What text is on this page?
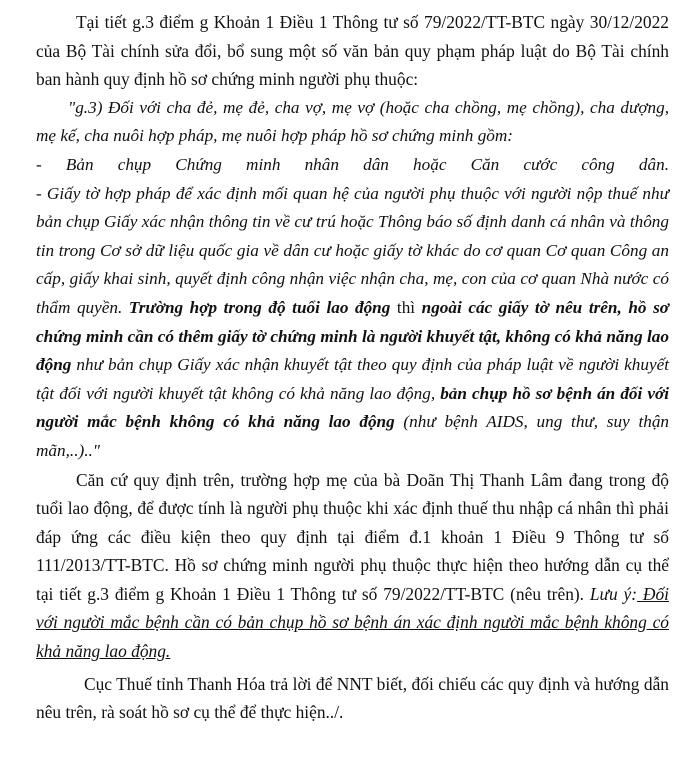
Tại tiết g.3 điểm g Khoản 1 Điều 1 Thông tư số 79/2022/TT-BTC ngày 30/12/2022 của Bộ Tài chính sửa đổi, bổ sung một số văn bản quy phạm pháp luật do Bộ Tài chính ban hành quy định hồ sơ chứng minh người phụ thuộc:

"g.3) Đối với cha đẻ, mẹ đẻ, cha vợ, mẹ vợ (hoặc cha chồng, mẹ chồng), cha dượng, mẹ kế, cha nuôi hợp pháp, mẹ nuôi hợp pháp hồ sơ chứng minh gồm:

- Bản chụp Chứng minh nhân dân hoặc Căn cước công dân.

- Giấy tờ hợp pháp để xác định mối quan hệ của người phụ thuộc với người nộp thuế như bản chụp Giấy xác nhận thông tin về cư trú hoặc Thông báo số định danh cá nhân và thông tin trong Cơ sở dữ liệu quốc gia về dân cư hoặc giấy tờ khác do cơ quan Cơ quan Công an cấp, giấy khai sinh, quyết định công nhận việc nhận cha, mẹ, con của cơ quan Nhà nước có thẩm quyền. Trường hợp trong độ tuổi lao động thì ngoài các giấy tờ nêu trên, hồ sơ chứng minh cần có thêm giấy tờ chứng minh là người khuyết tật, không có khả năng lao động như bản chụp Giấy xác nhận khuyết tật theo quy định của pháp luật về người khuyết tật đối với người khuyết tật không có khả năng lao động, bản chụp hồ sơ bệnh án đối với người mắc bệnh không có khả năng lao động (như bệnh AIDS, ung thư, suy thận mãn,..).."

Căn cứ quy định trên, trường hợp mẹ của bà Doãn Thị Thanh Lâm đang trong độ tuổi lao động, để được tính là người phụ thuộc khi xác định thuế thu nhập cá nhân thì phải đáp ứng các điều kiện theo quy định tại điểm đ.1 khoản 1 Điều 9 Thông tư số 111/2013/TT-BTC. Hồ sơ chứng minh người phụ thuộc thực hiện theo hướng dẫn cụ thể tại tiết g.3 điểm g Khoản 1 Điều 1 Thông tư số 79/2022/TT-BTC (nêu trên). Lưu ý: Đối với người mắc bệnh cần có bản chụp hồ sơ bệnh án xác định người mắc bệnh không có khả năng lao động.

Cục Thuế tỉnh Thanh Hóa trả lời để NNT biết, đối chiếu các quy định và hướng dẫn nêu trên, rà soát hồ sơ cụ thể để thực hiện../.
